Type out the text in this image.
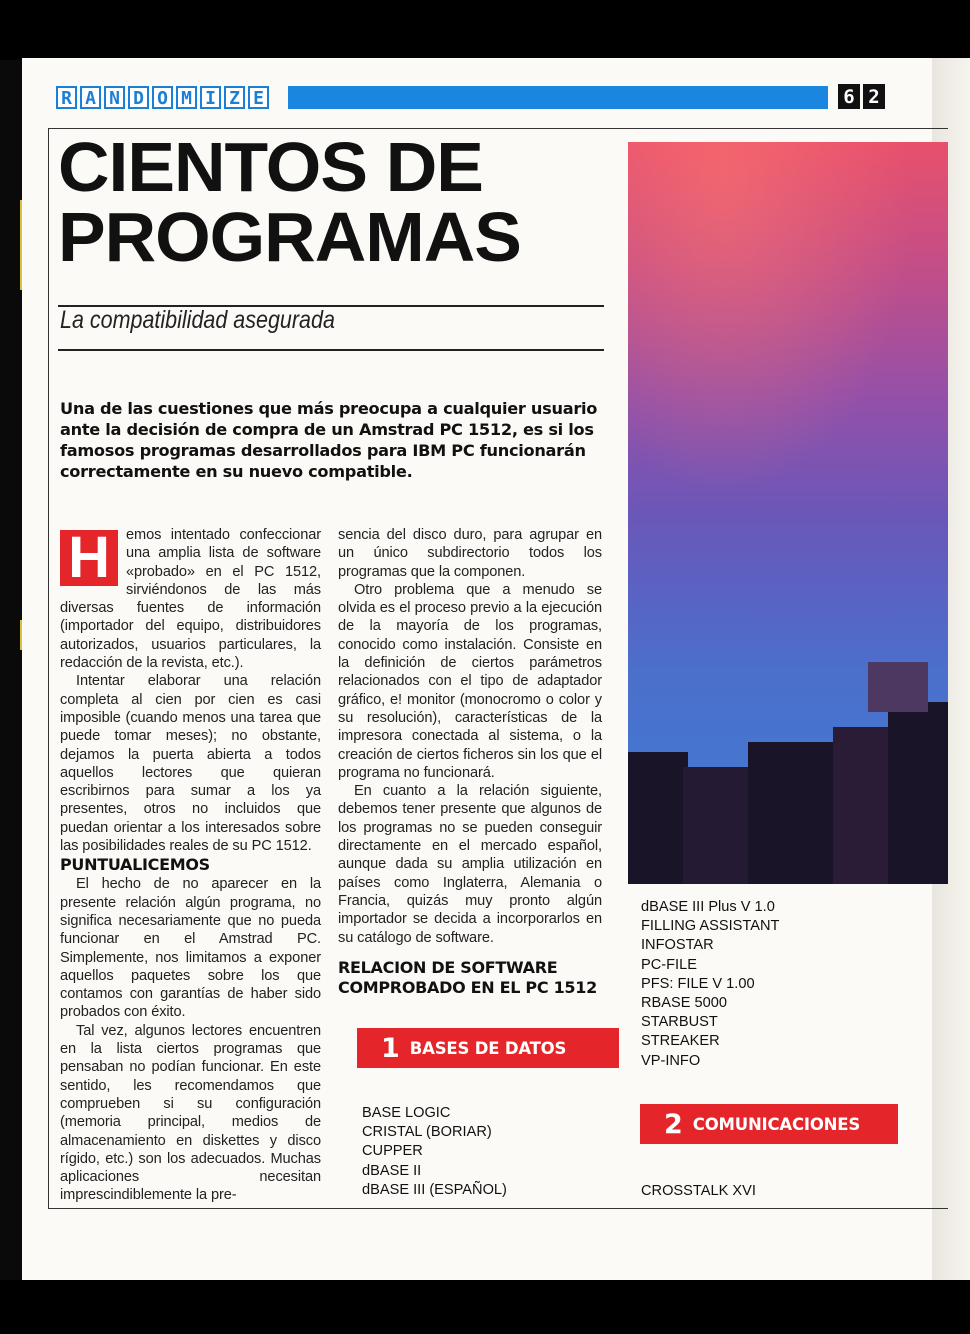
R A N D O M I Z E	6 2
CIENTOS DE
PROGRAMAS
La compatibilidad asegurada
Una de las cuestiones que más preocupa a cualquier usuario ante la decisión de compra de un Amstrad PC 1512, es si los famosos programas desarrollados para IBM PC funcionarán correctamente en su nuevo compatible.
H	emos intentado confeccionar una amplia lista de software «probado» en el PC 1512, sirviéndonos de las más diversas fuentes de información (importador del equipo, distribuidores autorizados, usuarios particulares, la redacción de la revista, etc.).

Intentar elaborar una relación completa al cien por cien es casi imposible (cuando menos una tarea que puede tomar meses); no obstante, dejamos la puerta abierta a todos aquellos lectores que quieran escribirnos para sumar a los ya presentes, otros no incluidos que puedan orientar a los interesados sobre las posibilidades reales de su PC 1512.

PUNTUALICEMOS

El hecho de no aparecer en la presente relación algún programa, no significa necesariamente que no pueda funcionar en el Amstrad PC. Simplemente, nos limitamos a exponer aquellos paquetes sobre los que contamos con garantías de haber sido probados con éxito.

Tal vez, algunos lectores encuentren en la lista ciertos programas que pensaban no podían funcionar. En este sentido, les recomendamos que comprueben si su configuración (memoria principal, medios de almacenamiento en diskettes y disco rígido, etc.) son los adecuados. Muchas aplicaciones necesitan imprescindiblemente la pre-

sencia del disco duro, para agrupar en un único subdirectorio todos los programas que la componen.

Otro problema que a menudo se olvida es el proceso previo a la ejecución de la mayoría de los programas, conocido como instalación. Consiste en la definición de ciertos parámetros relacionados con el tipo de adaptador gráfico, e! monitor (monocromo o color y su resolución), características de la impresora conectada al sistema, o la creación de ciertos ficheros sin los que el programa no funcionará.

En cuanto a la relación siguiente, debemos tener presente que algunos de los programas no se pueden conseguir directamente en el mercado español, aunque dada su amplia utilización en países como Inglaterra, Alemania o Francia, quizás muy pronto algún importador se decida a incorporarlos en su catálogo de software.

RELACION DE SOFTWARE COMPROBADO EN EL PC 1512
1 BASES DE DATOS
BASE LOGIC
CRISTAL (BORIAR)
CUPPER
dBASE II
dBASE III (ESPAÑOL)
dBASE III Plus V 1.0
FILLING ASSISTANT
INFOSTAR
PC-FILE
PFS: FILE V 1.00
RBASE 5000
STARBUST
STREAKER
VP-INFO
2 COMUNICACIONES
CROSSTALK XVI
